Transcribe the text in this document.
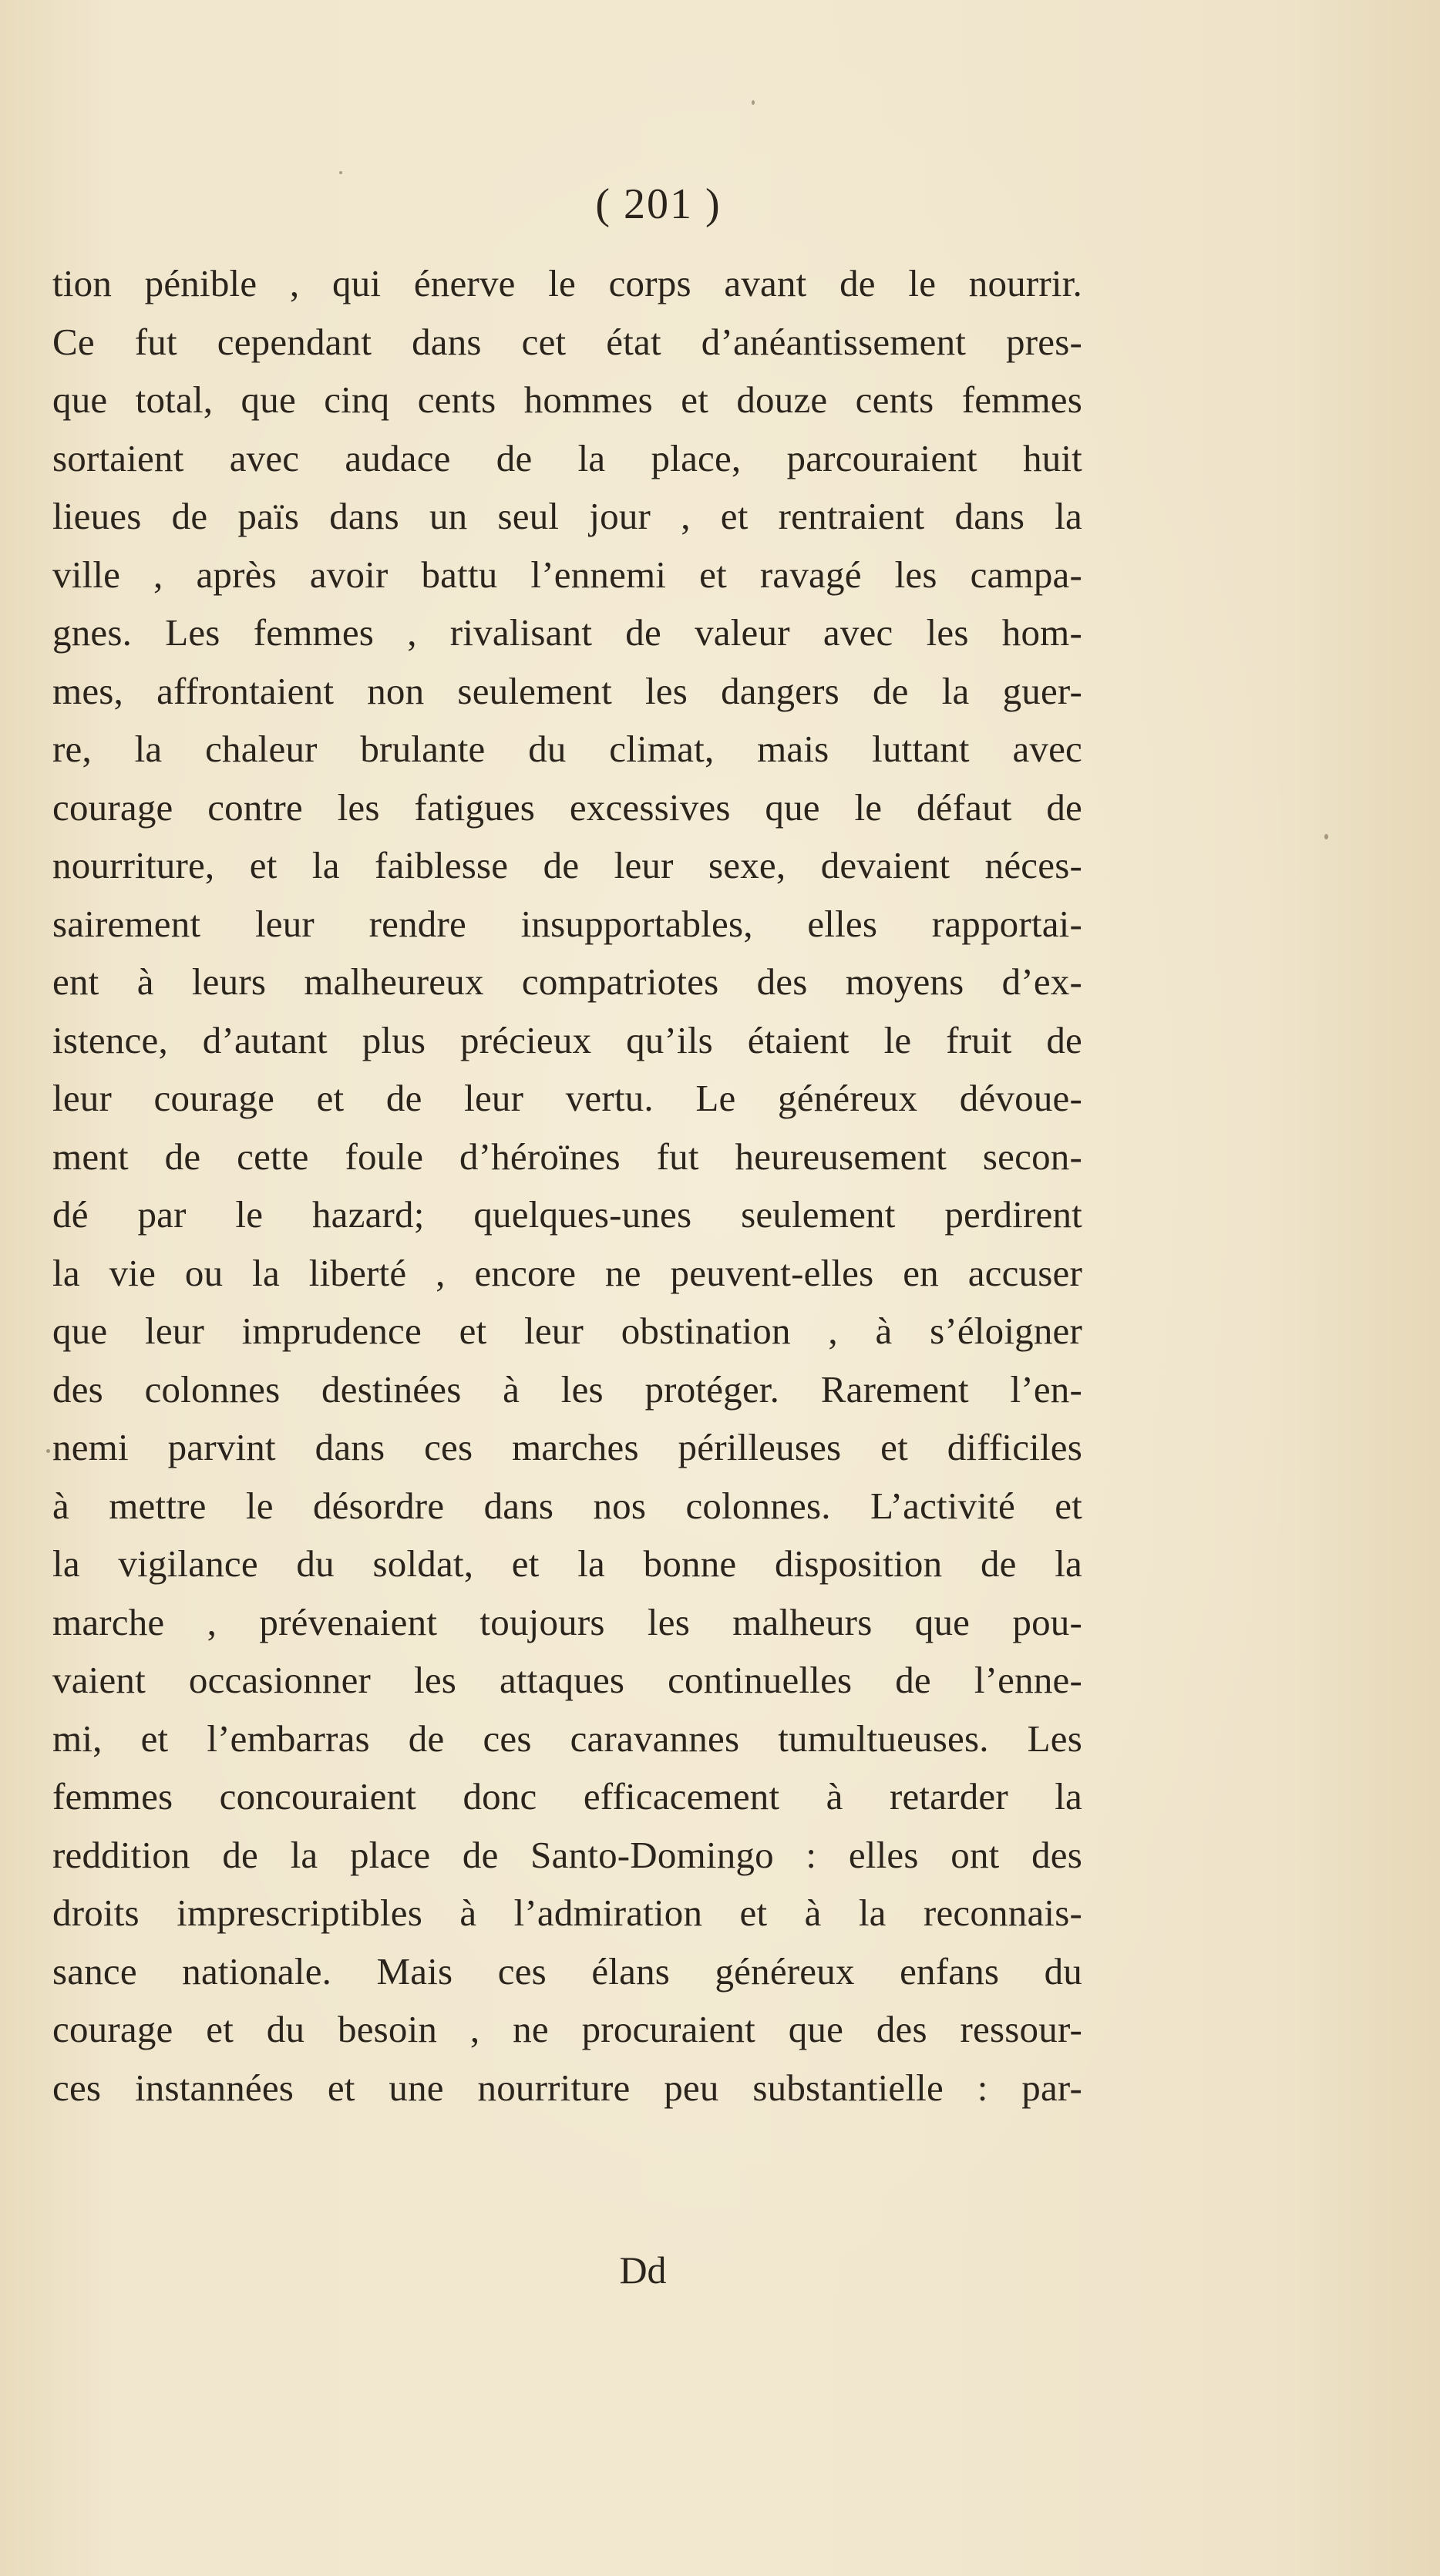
( 201 )
tion pénible , qui énerve le corps avant de le nourrir.
Ce fut cependant dans cet état d’anéantissement pres-
que total, que cinq cents hommes et douze cents femmes
sortaient avec audace de la place, parcouraient huit
lieues de païs dans un seul jour , et rentraient dans la
ville , après avoir battu l’ennemi et ravagé les campa-
gnes. Les femmes , rivalisant de valeur avec les hom-
mes, affrontaient non seulement les dangers de la guer-
re, la chaleur brulante du climat, mais luttant avec
courage contre les fatigues excessives que le défaut de
nourriture, et la faiblesse de leur sexe, devaient néces-
sairement leur rendre insupportables, elles rapportai-
ent à leurs malheureux compatriotes des moyens d’ex-
istence, d’autant plus précieux qu’ils étaient le fruit de
leur courage et de leur vertu. Le généreux dévoue-
ment de cette foule d’héroïnes fut heureusement secon-
dé par le hazard; quelques-unes seulement perdirent
la vie ou la liberté , encore ne peuvent-elles en accuser
que leur imprudence et leur obstination , à s’éloigner
des colonnes destinées à les protéger. Rarement l’en-
nemi parvint dans ces marches périlleuses et difficiles
à mettre le désordre dans nos colonnes. L’activité et
la vigilance du soldat, et la bonne disposition de la
marche , prévenaient toujours les malheurs que pou-
vaient occasionner les attaques continuelles de l’enne-
mi, et l’embarras de ces caravannes tumultueuses. Les
femmes concouraient donc efficacement à retarder la
reddition de la place de Santo-Domingo : elles ont des
droits imprescriptibles à l’admiration et à la reconnais-
sance nationale. Mais ces élans généreux enfans du
courage et du besoin , ne procuraient que des ressour-
ces instannées et une nourriture peu substantielle : par-
Dd
